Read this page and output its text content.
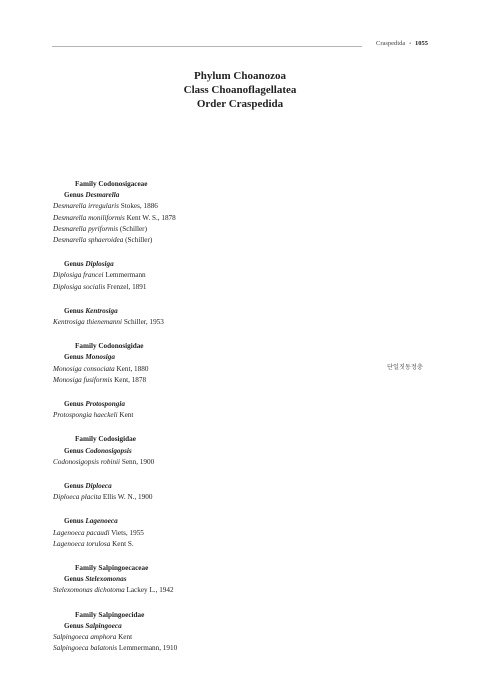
Craspedida • 1055
Phylum Choanozoa
Class Choanoflagellatea
Order Craspedida
Family Codonosigaceae
Genus Desmarella
Desmarella irregularis Stokes, 1886
Desmarella moniliformis Kent W. S., 1878
Desmarella pyriformis (Schiller)
Desmarella sphaeroidea (Schiller)
Genus Diplosiga
Diplosiga francei Lemmermann
Diplosiga socialis Frenzel, 1891
Genus Kentrosiga
Kentrosiga thienemanni Schiller, 1953
Family Codonosigidae
Genus Monosiga
Monosiga consociata Kent, 1880
Monosiga fusiformis Kent, 1878
Genus Protospongia
Protospongia haeckeli Kent
Family Codosigidae
Genus Codonosigopsis
Codonosigopsis robinii Senn, 1900
Genus Diploeca
Diploeca placita Ellis W. N., 1900
Genus Lagenoeca
Lagenoeca pacaudi Viets, 1955
Lagenoeca torulosa Kent S.
Family Salpingoecaceae
Genus Stelexomonas
Stelexomonas dichotoma Lackey L., 1942
Family Salpingoecidae
Genus Salpingoeca
Salpingoeca amphora Kent
Salpingoeca balatonis Lemmermann, 1910
단일짓동정충
